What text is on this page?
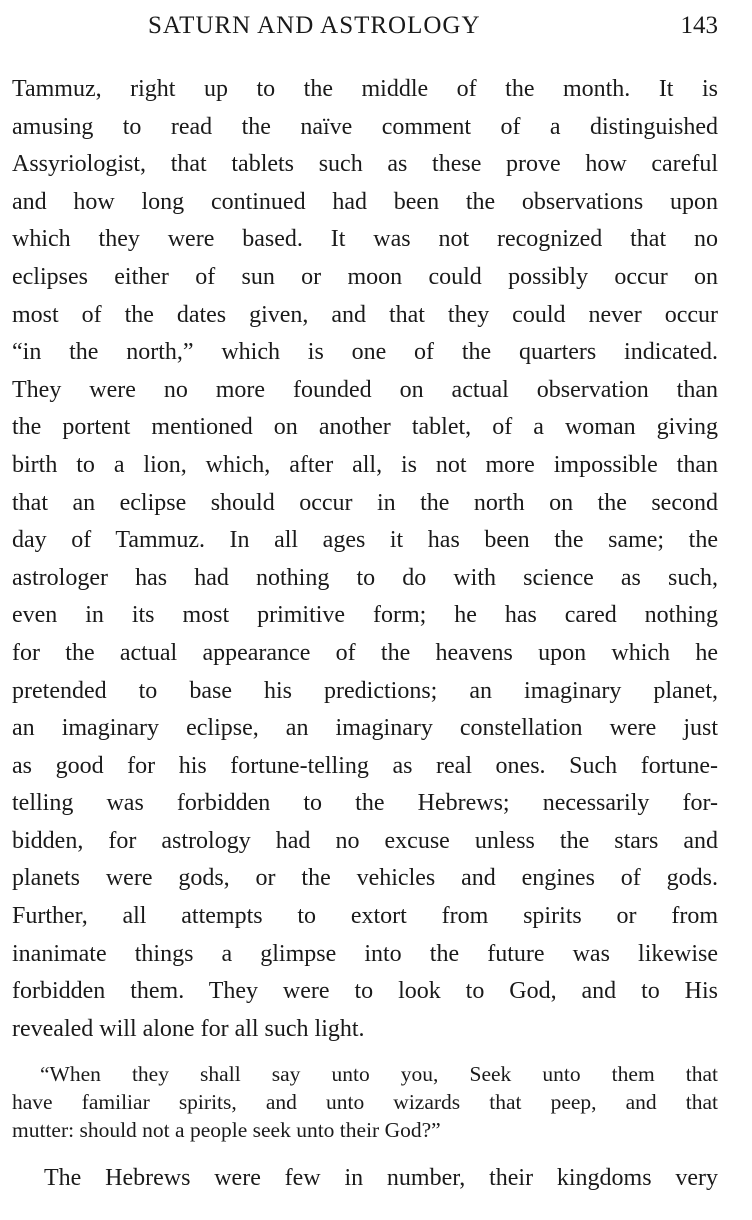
SATURN AND ASTROLOGY	143
Tammuz, right up to the middle of the month. It is
amusing to read the naïve comment of a distinguished
Assyriologist, that tablets such as these prove how careful
and how long continued had been the observations upon
which they were based. It was not recognized that no
eclipses either of sun or moon could possibly occur on
most of the dates given, and that they could never occur
“in the north,” which is one of the quarters indicated.
They were no more founded on actual observation than
the portent mentioned on another tablet, of a woman giving
birth to a lion, which, after all, is not more impossible than
that an eclipse should occur in the north on the second
day of Tammuz. In all ages it has been the same; the
astrologer has had nothing to do with science as such,
even in its most primitive form; he has cared nothing
for the actual appearance of the heavens upon which he
pretended to base his predictions; an imaginary planet,
an imaginary eclipse, an imaginary constellation were just
as good for his fortune-telling as real ones. Such fortune-
telling was forbidden to the Hebrews; necessarily for-
bidden, for astrology had no excuse unless the stars and
planets were gods, or the vehicles and engines of gods.
Further, all attempts to extort from spirits or from
inanimate things a glimpse into the future was likewise
forbidden them. They were to look to God, and to His
revealed will alone for all such light.
“When they shall say unto you, Seek unto them that
have familiar spirits, and unto wizards that peep, and that
mutter: should not a people seek unto their God?”
The Hebrews were few in number, their kingdoms very
